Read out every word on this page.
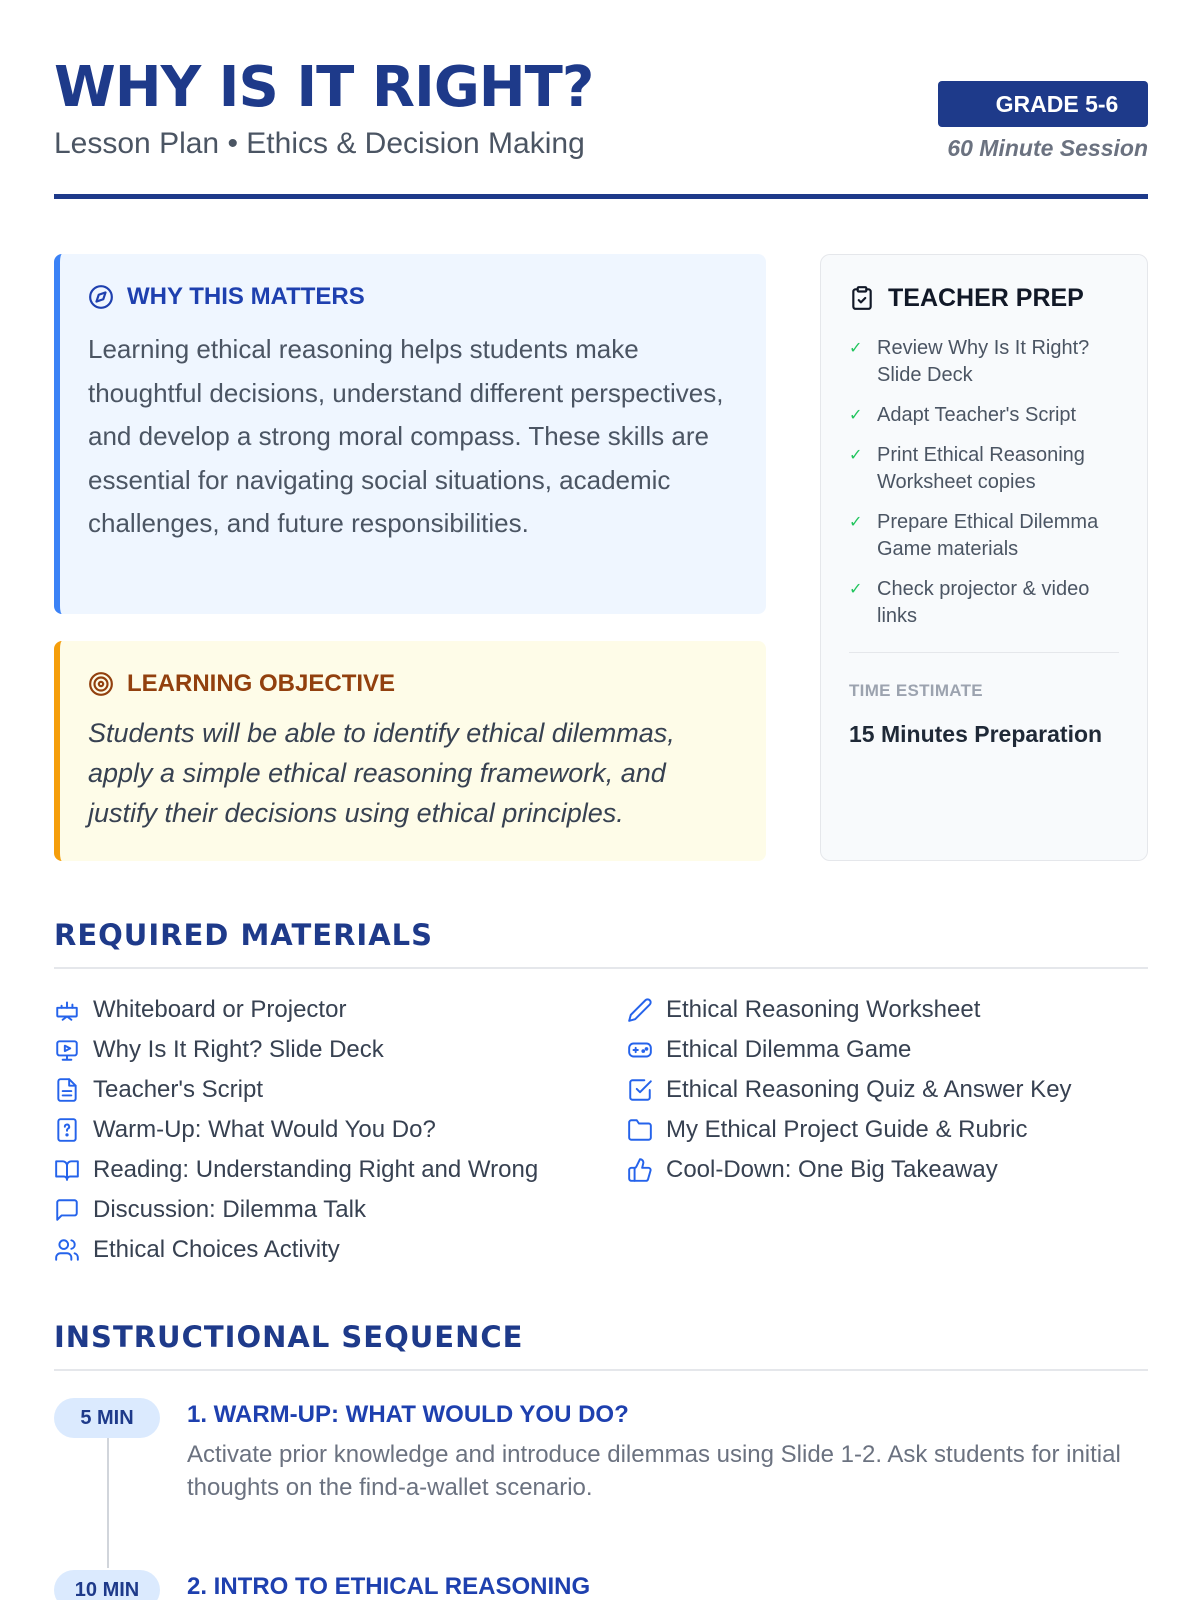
WHY IS IT RIGHT?
Lesson Plan • Ethics & Decision Making
GRADE 5-6
60 Minute Session
WHY THIS MATTERS

Learning ethical reasoning helps students make thoughtful decisions, understand different perspectives, and develop a strong moral compass. These skills are essential for navigating social situations, academic challenges, and future responsibilities.

LEARNING OBJECTIVE

Students will be able to identify ethical dilemmas, apply a simple ethical reasoning framework, and justify their decisions using ethical principles.

TEACHER PREP
✓ Review Why Is It Right? Slide Deck
✓ Adapt Teacher's Script
✓ Print Ethical Reasoning Worksheet copies
✓ Prepare Ethical Dilemma Game materials
✓ Check projector & video links
TIME ESTIMATE
15 Minutes Preparation
REQUIRED MATERIALS
Whiteboard or Projector
Why Is It Right? Slide Deck
Teacher's Script
Warm-Up: What Would You Do?
Reading: Understanding Right and Wrong
Discussion: Dilemma Talk
Ethical Choices Activity
Ethical Reasoning Worksheet
Ethical Dilemma Game
Ethical Reasoning Quiz & Answer Key
My Ethical Project Guide & Rubric
Cool-Down: One Big Takeaway
INSTRUCTIONAL SEQUENCE
5 MIN	1. WARM-UP: WHAT WOULD YOU DO?
Activate prior knowledge and introduce dilemmas using Slide 1-2. Ask students for initial thoughts on the find-a-wallet scenario.
10 MIN	2. INTRO TO ETHICAL REASONING
